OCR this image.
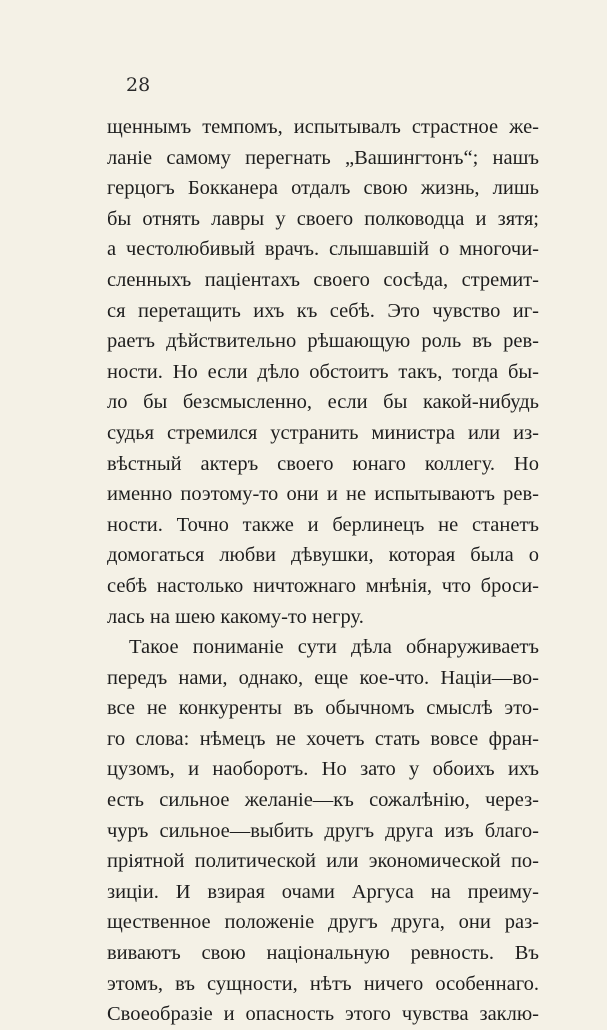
28
щеннымъ темпомъ, испытывалъ страстное же-
ланіе самому перегнать „Вашингтонъ“; нашъ
герцогъ Бокканера отдалъ свою жизнь, лишь
бы отнять лавры у своего полководца и зятя;
а честолюбивый врачъ. слышавшій о многочи-
сленныхъ паціентахъ своего сосѣда, стремит-
ся перетащить ихъ къ себѣ. Это чувство иг-
раетъ дѣйствительно рѣшающую роль въ рев-
ности. Но если дѣло обстоитъ такъ, тогда бы-
ло бы безсмысленно, если бы какой-нибудь
судья стремился устранить министра или из-
вѣстный актеръ своего юнаго коллегу. Но
именно поэтому-то они и не испытываютъ рев-
ности. Точно также и берлинецъ не станетъ
домогаться любви дѣвушки, которая была о
себѣ настолько ничтожнаго мнѣнія, что броси-
лась на шею какому-то негру.
Такое пониманіе сути дѣла обнаруживаетъ
передъ нами, однако, еще кое-что. Націи—во-
все не конкуренты въ обычномъ смыслѣ это-
го слова: нѣмецъ не хочетъ стать вовсе фран-
цузомъ, и наоборотъ. Но зато у обоихъ ихъ
есть сильное желаніе—къ сожалѣнію, через-
чуръ сильное—выбить другъ друга изъ благо-
пріятной политической или экономической по-
зиціи. И взирая очами Аргуса на преиму-
щественное положеніе другъ друга, они раз-
виваютъ свою національную ревность. Въ
этомъ, въ сущности, нѣтъ ничего особеннаго.
Своеобразіе и опасность этого чувства заклю-
